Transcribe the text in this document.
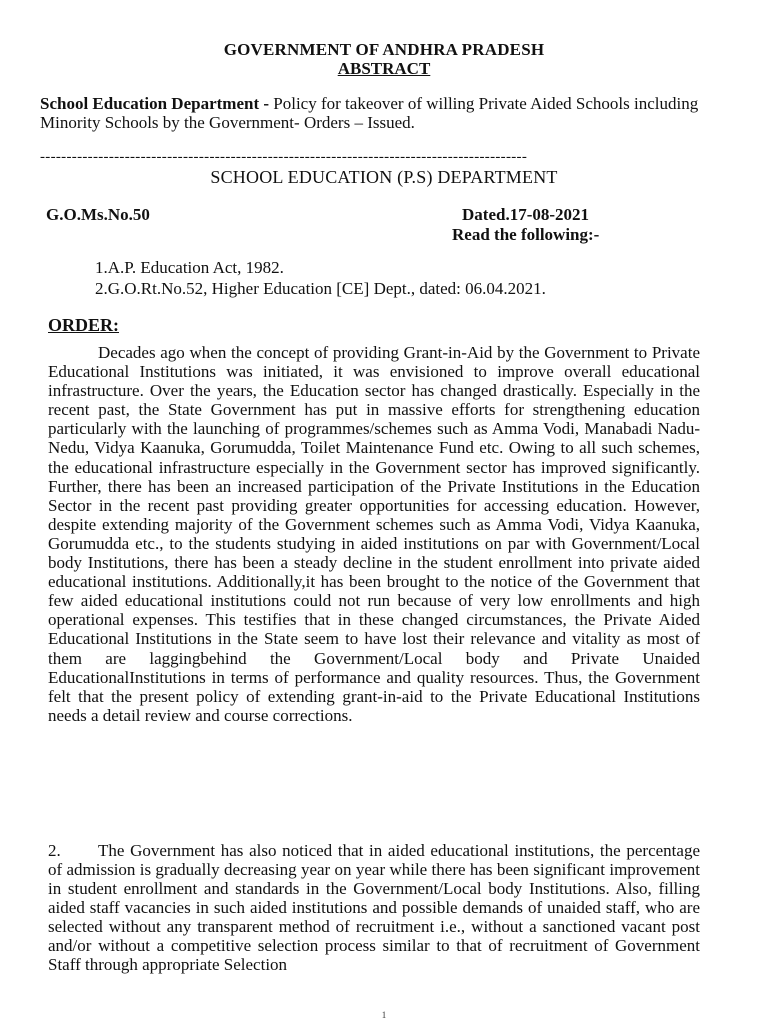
GOVERNMENT OF ANDHRA PRADESH
ABSTRACT
School Education Department - Policy for takeover of willing Private Aided Schools including Minority Schools by the Government- Orders – Issued.
--------------------------------------------------------------------------------------------
SCHOOL EDUCATION (P.S) DEPARTMENT
G.O.Ms.No.50	Dated.17-08-2021
Read the following:-
1.A.P. Education Act, 1982.
2.G.O.Rt.No.52, Higher Education [CE] Dept., dated: 06.04.2021.
ORDER:
Decades ago when the concept of providing Grant-in-Aid by the Government to Private Educational Institutions was initiated, it was envisioned to improve overall educational infrastructure. Over the years, the Education sector has changed drastically. Especially in the recent past, the State Government has put in massive efforts for strengthening education particularly with the launching of programmes/schemes such as Amma Vodi, Manabadi Nadu-Nedu, Vidya Kaanuka, Gorumudda, Toilet Maintenance Fund etc. Owing to all such schemes, the educational infrastructure especially in the Government sector has improved significantly. Further, there has been an increased participation of the Private Institutions in the Education Sector in the recent past providing greater opportunities for accessing education. However, despite extending majority of the Government schemes such as Amma Vodi, Vidya Kaanuka, Gorumudda etc., to the students studying in aided institutions on par with Government/Local body Institutions, there has been a steady decline in the student enrollment into private aided educational institutions. Additionally,it has been brought to the notice of the Government that few aided educational institutions could not run because of very low enrollments and high operational expenses. This testifies that in these changed circumstances, the Private Aided Educational Institutions in the State seem to have lost their relevance and vitality as most of them are laggingbehind the Government/Local body and Private Unaided EducationalInstitutions in terms of performance and quality resources. Thus, the Government felt that the present policy of extending grant-in-aid to the Private Educational Institutions needs a detail review and course corrections.
2. The Government has also noticed that in aided educational institutions, the percentage of admission is gradually decreasing year on year while there has been significant improvement in student enrollment and standards in the Government/Local body Institutions. Also, filling aided staff vacancies in such aided institutions and possible demands of unaided staff, who are selected without any transparent method of recruitment i.e., without a sanctioned vacant post and/or without a competitive selection process similar to that of recruitment of Government Staff through appropriate Selection
1
